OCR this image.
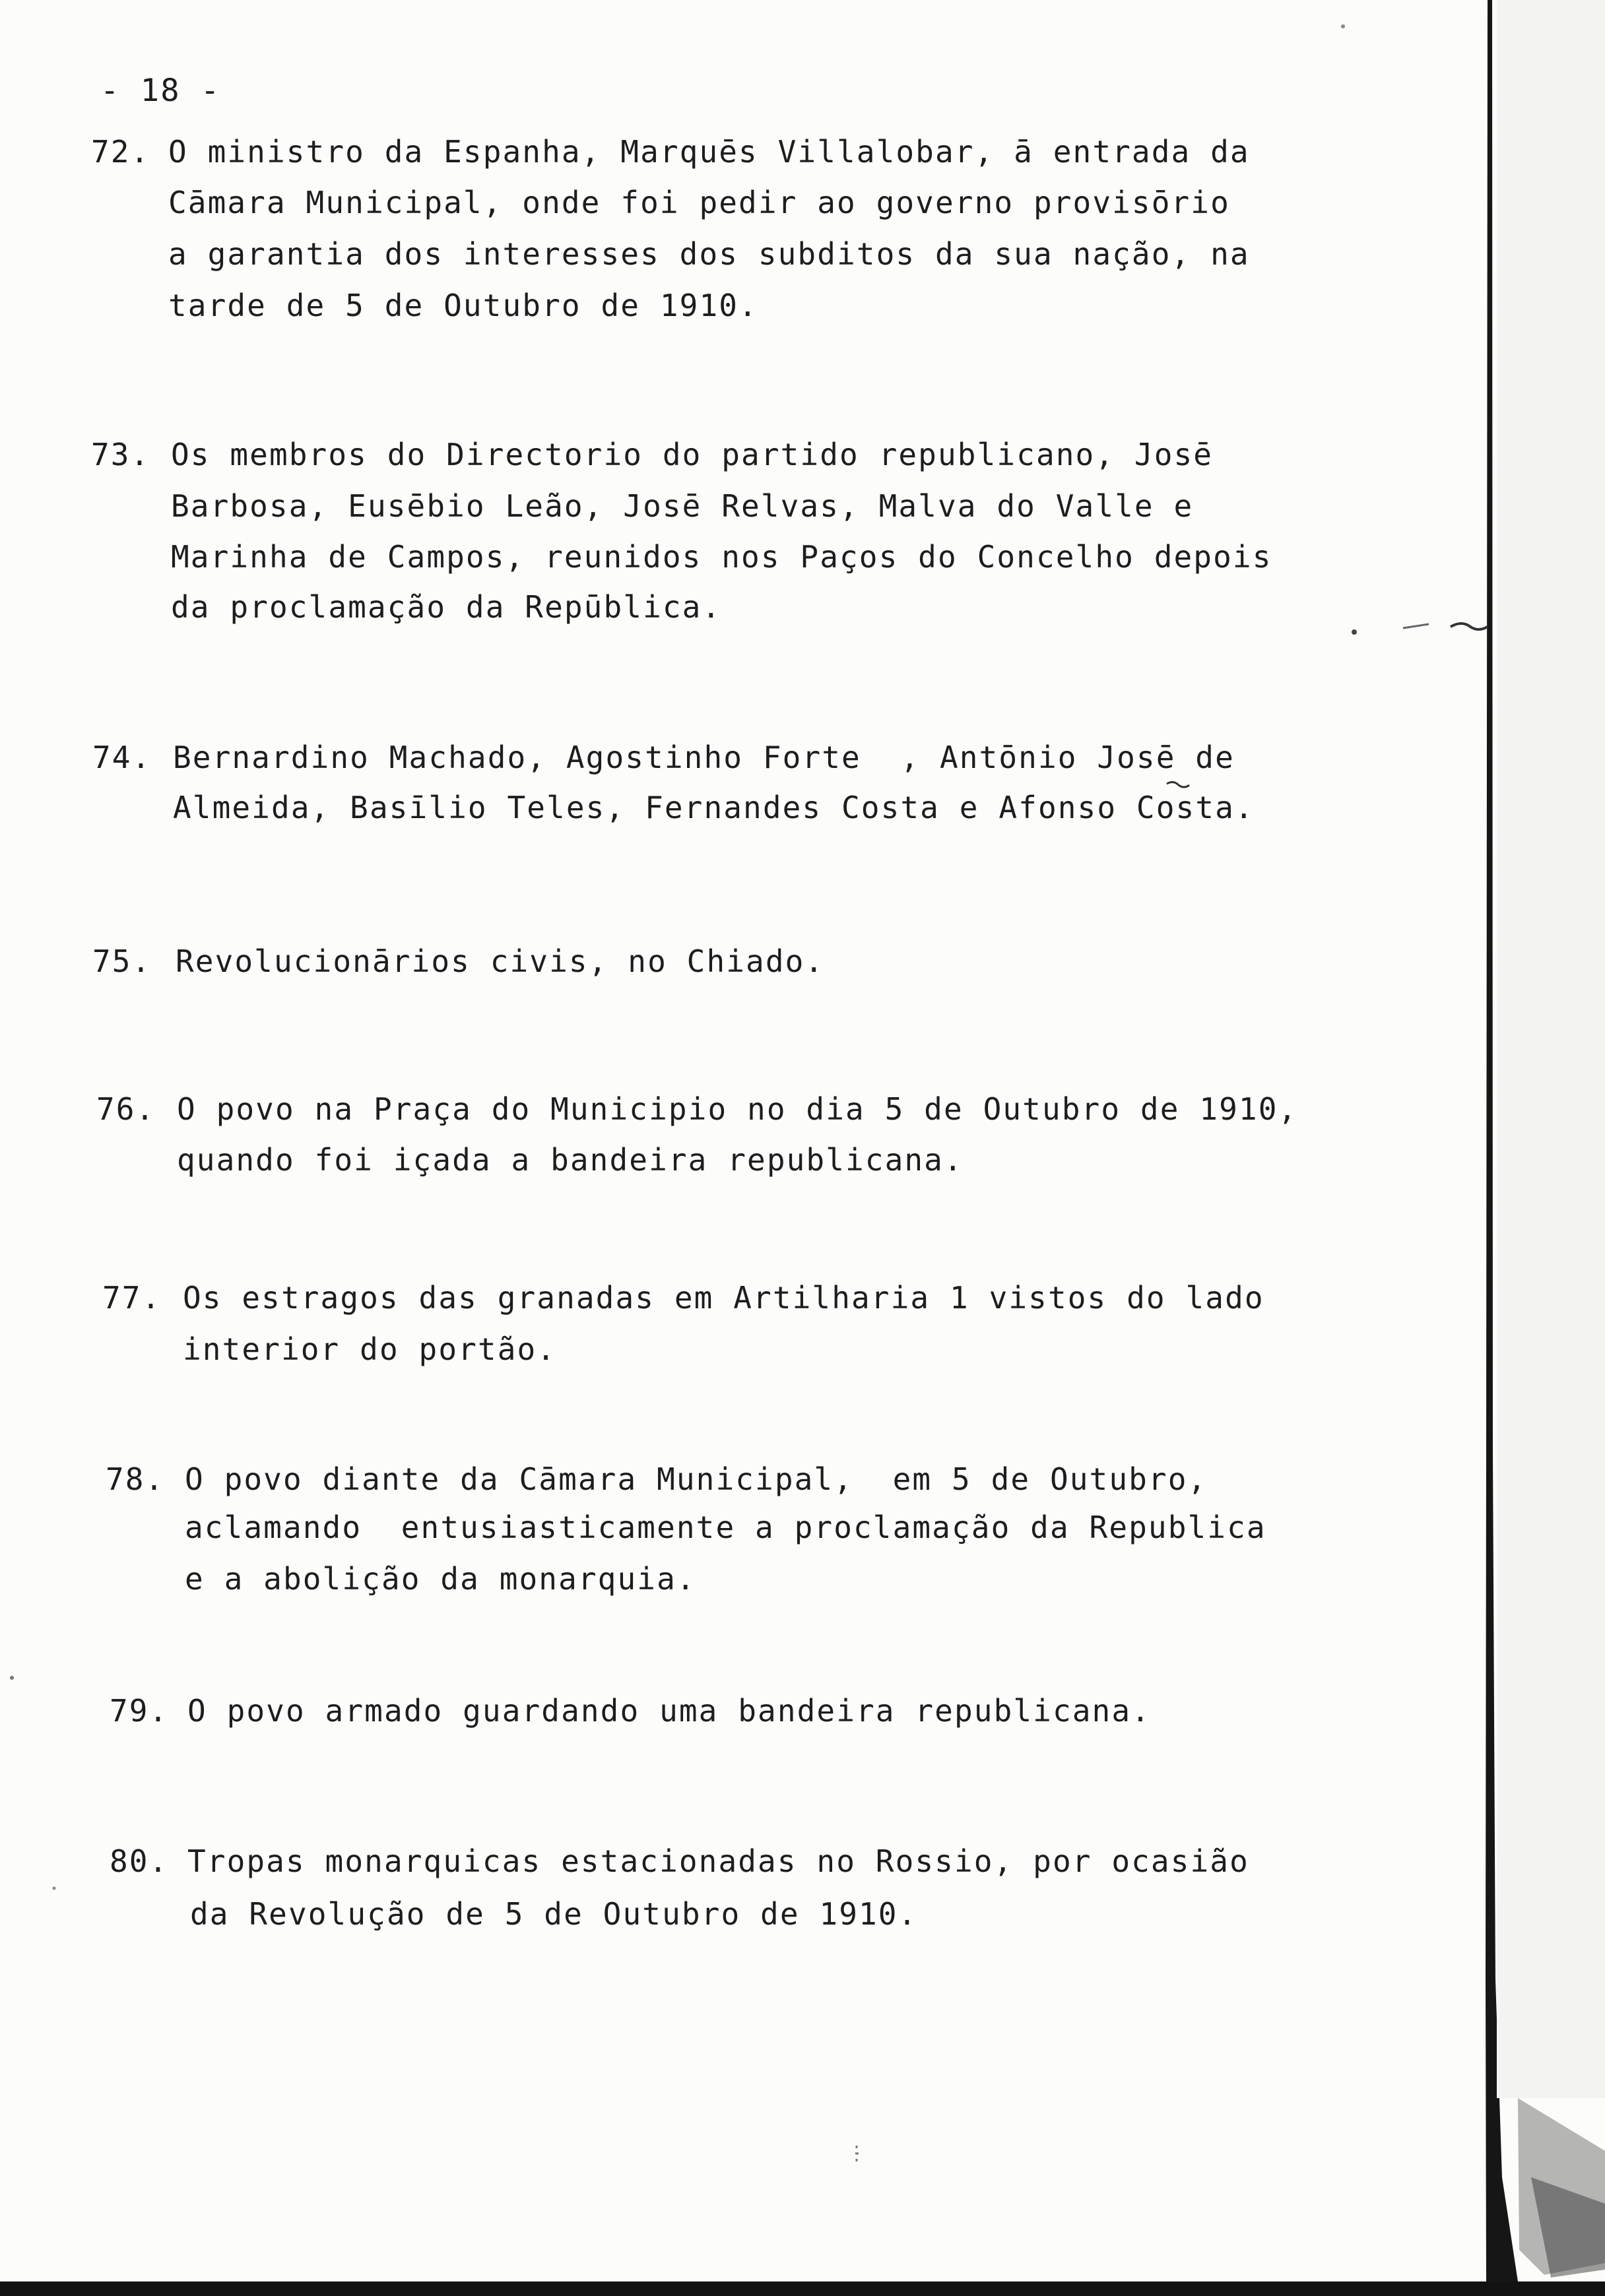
- 18 -
72. O ministro da Espanha, Marquēs Villalobar, ā entrada da
Cāmara Municipal, onde foi pedir ao governo provisōrio
a garantia dos interesses dos subditos da sua nação, na
tarde de 5 de Outubro de 1910.
73. Os membros do Directorio do partido republicano, Josē
Barbosa, Eusēbio Leão, Josē Relvas, Malva do Valle e
Marinha de Campos, reunidos nos Paços do Concelho depois
da proclamação da Repūblica.
74. Bernardino Machado, Agostinho Forte  , Antōnio Josē de
Almeida, Basīlio Teles, Fernandes Costa e Afonso Costa.
75. Revolucionārios civis, no Chiado.
76. O povo na Praça do Municipio no dia 5 de Outubro de 1910,
quando foi içada a bandeira republicana.
77. Os estragos das granadas em Artilharia 1 vistos do lado
interior do portão.
78. O povo diante da Cāmara Municipal,  em 5 de Outubro,
aclamando  entusiasticamente a proclamação da Republica
e a abolição da monarquia.
79. O povo armado guardando uma bandeira republicana.
80. Tropas monarquicas estacionadas no Rossio, por ocasião
da Revolução de 5 de Outubro de 1910.
